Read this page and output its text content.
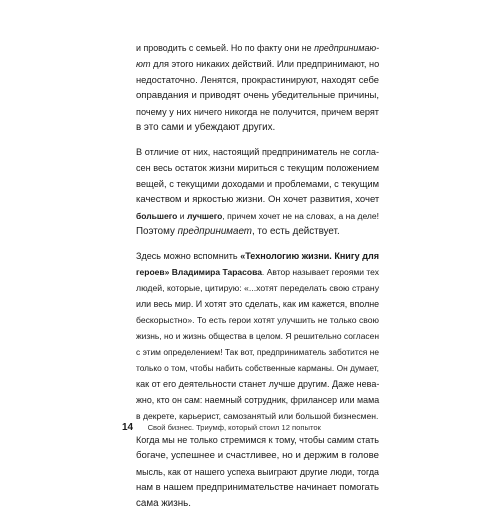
и проводить с семьей. Но по факту они не предпринимаю-
ют для этого никаких действий. Или предпринимают, но
недостаточно. Ленятся, прокрастинируют, находят себе
оправдания и приводят очень убедительные причины,
почему у них ничего никогда не получится, причем верят
в это сами и убеждают других.

В отличие от них, настоящий предприниматель не согла-
сен весь остаток жизни мириться с текущим положением
вещей, с текущими доходами и проблемами, с текущим
качеством и яркостью жизни. Он хочет развития, хочет
большего и лучшего, причем хочет не на словах, а на деле!
Поэтому предпринимает, то есть действует.

Здесь можно вспомнить «Технологию жизни. Книгу для
героев» Владимира Тарасова. Автор называет героями тех
людей, которые, цитирую: «...хотят переделать свою страну
или весь мир. И хотят это сделать, как им кажется, вполне
бескорыстно». То есть герои хотят улучшить не только свою
жизнь, но и жизнь общества в целом. Я решительно согласен
с этим определением! Так вот, предприниматель заботится не
только о том, чтобы набить собственные карманы. Он думает,
как от его деятельности станет лучше другим. Даже нева-
жно, кто он сам: наемный сотрудник, фрилансер или мама
в декрете, карьерист, самозанятый или большой бизнесмен.

Когда мы не только стремимся к тому, чтобы самим стать
богаче, успешнее и счастливее, но и держим в голове
мысль, как от нашего успеха выиграют другие люди, тогда
нам в нашем предпринимательстве начинает помогать
сама жизнь.

14 Свой бизнес. Триумф, который стоил 12 попыток
